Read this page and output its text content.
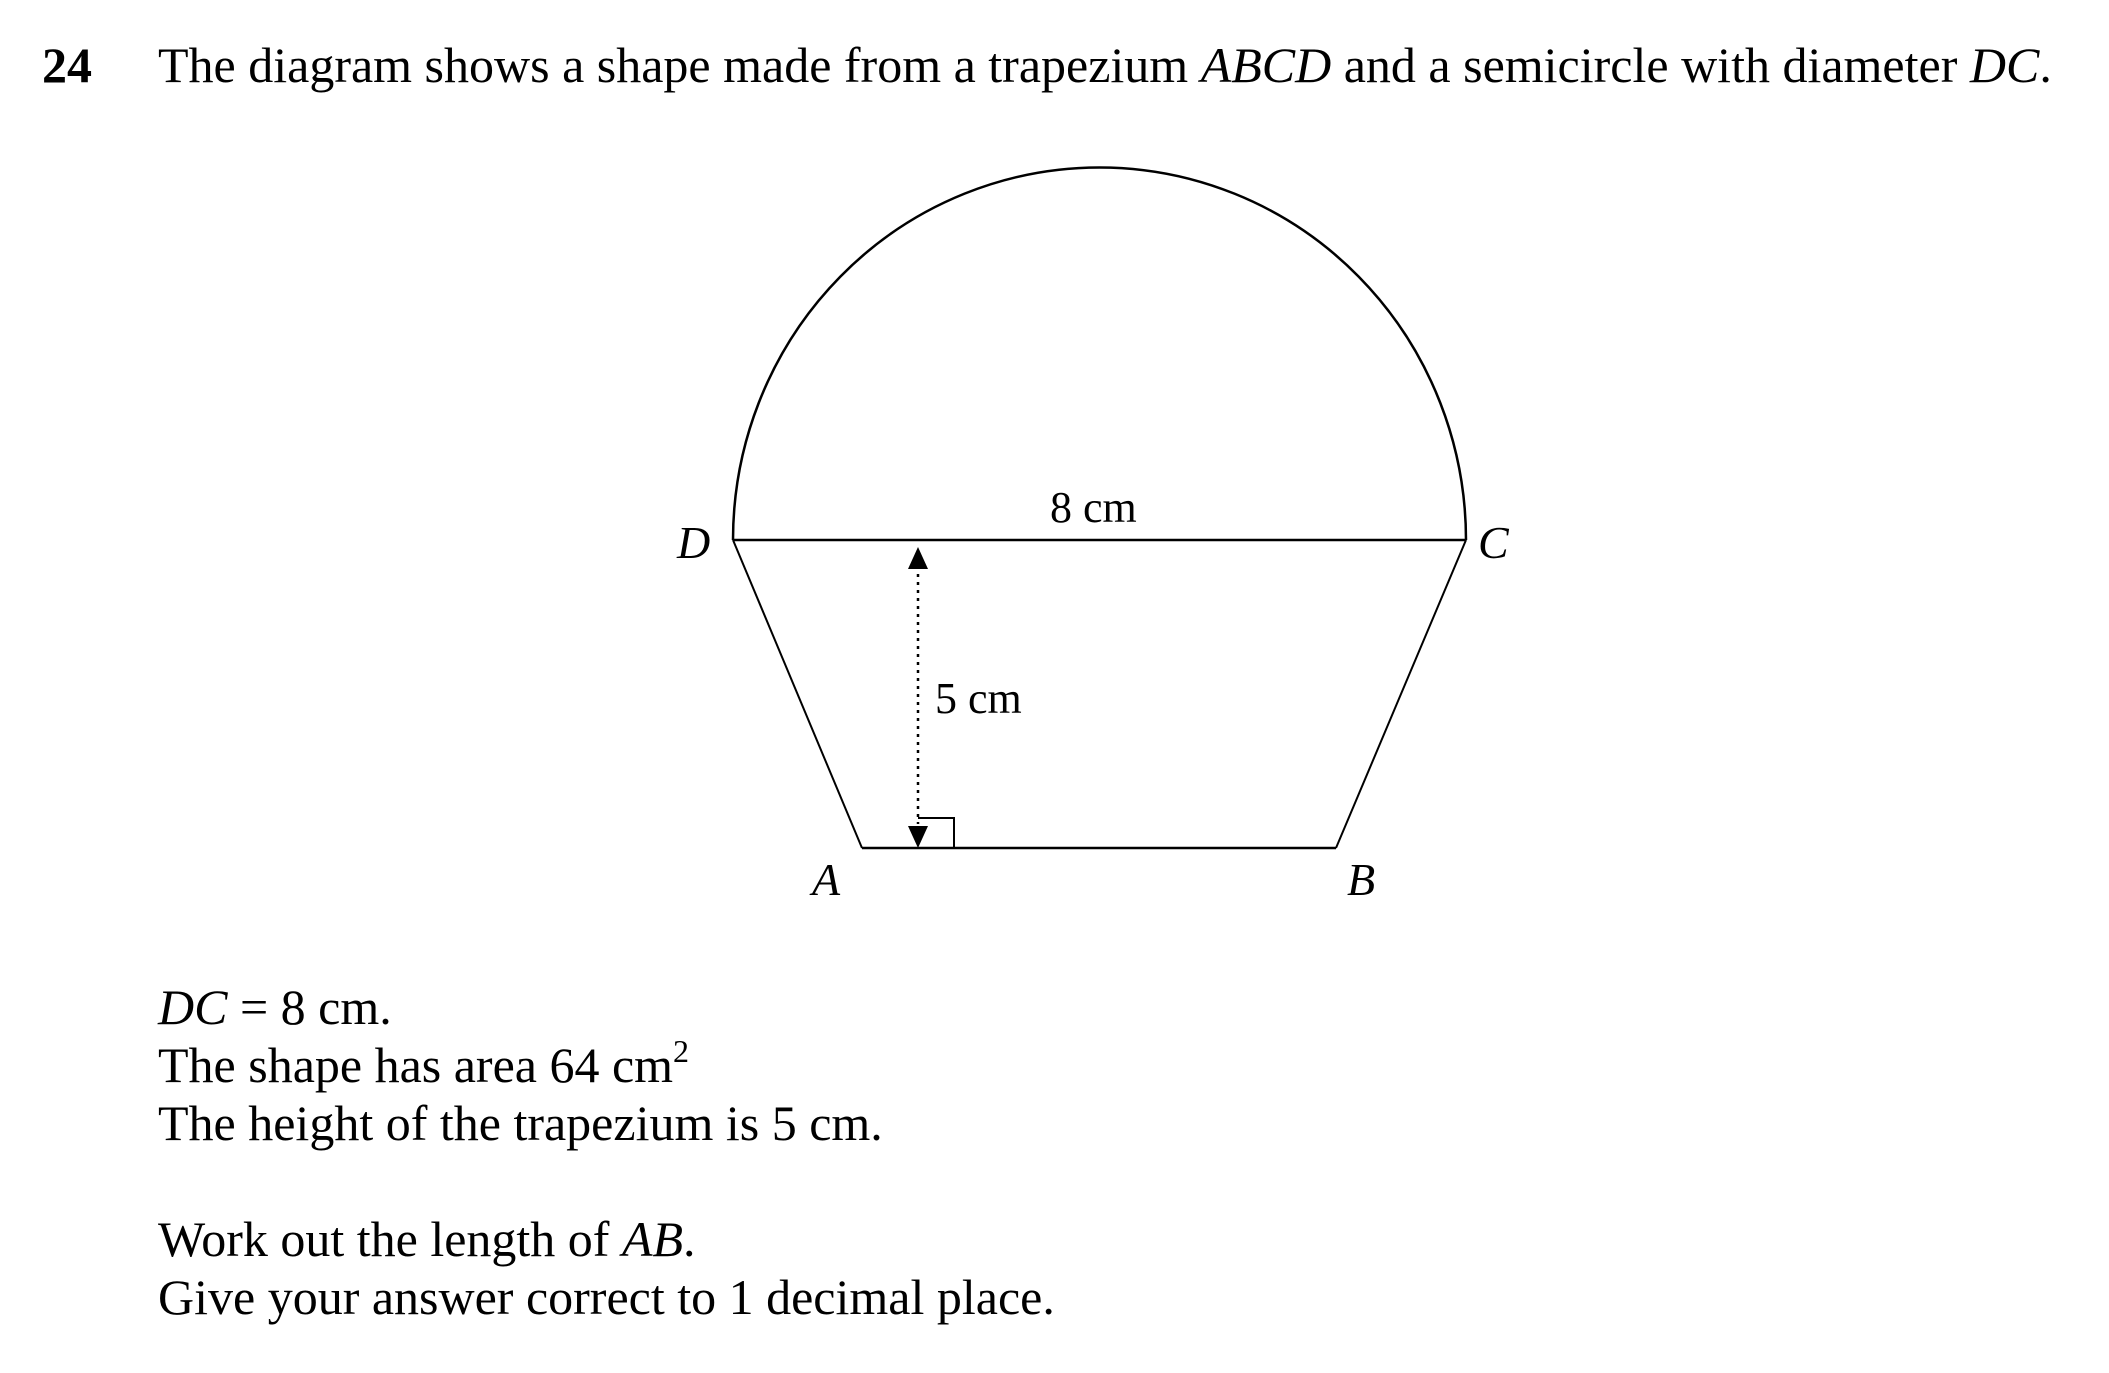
24 The diagram shows a shape made from a trapezium ABCD and a semicircle with diameter DC.
D	C
A	B
8 cm
5 cm
DC = 8 cm.
The shape has area 64 $cm^2$
The height of the trapezium is 5 cm.
Work out the length of AB.
Give your answer correct to 1 decimal place.
